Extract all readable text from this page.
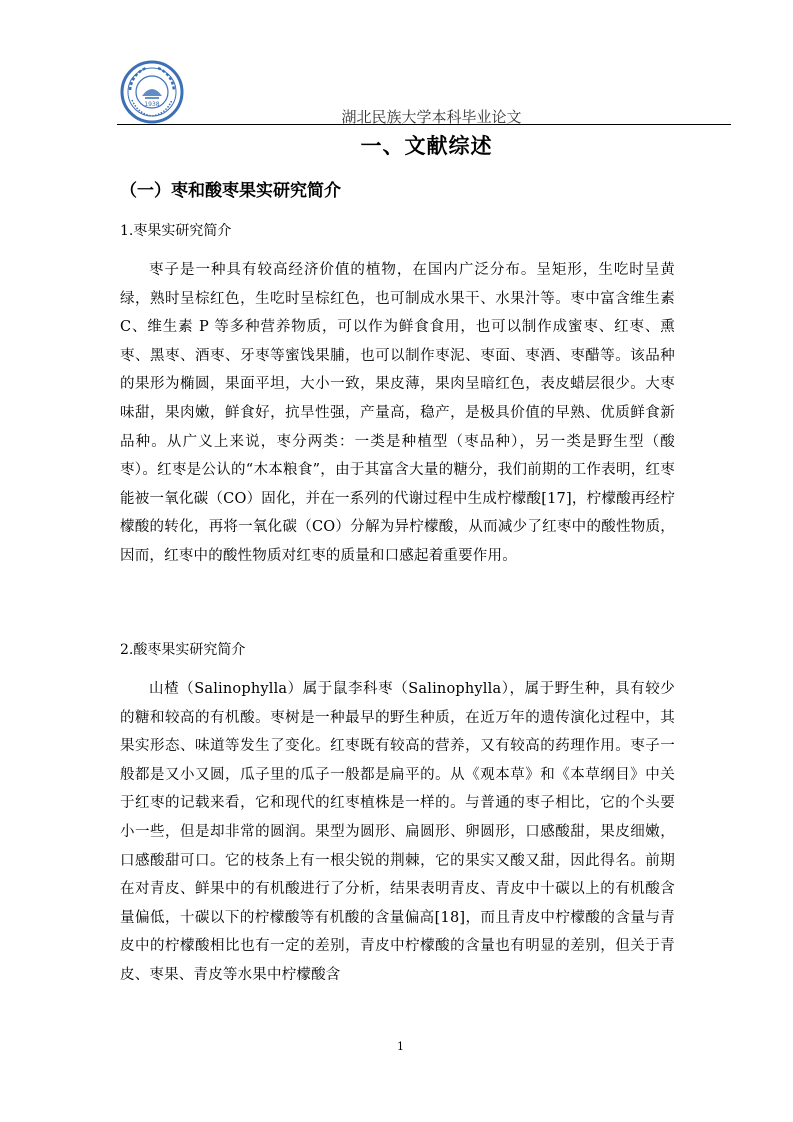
1938
湖北民族大学本科毕业论文
一、文献综述
（一）枣和酸枣果实研究简介
1.枣果实研究简介

枣子是一种具有较高经济价值的植物，在国内广泛分布。呈矩形，生吃时呈黄绿，熟时呈棕红色，生吃时呈棕红色，也可制成水果干、水果汁等。枣中富含维生素 C、维生素 P 等多种营养物质，可以作为鲜食食用，也可以制作成蜜枣、红枣、熏枣、黑枣、酒枣、牙枣等蜜饯果脯，也可以制作枣泥、枣面、枣酒、枣醋等。该品种的果形为椭圆，果面平坦，大小一致，果皮薄，果肉呈暗红色，表皮蜡层很少。大枣味甜，果肉嫩，鲜食好，抗旱性强，产量高，稳产，是极具价值的早熟、优质鲜食新品种。从广义上来说，枣分两类：一类是种植型（枣品种），另一类是野生型（酸枣）。红枣是公认的“木本粮食”，由于其富含大量的糖分，我们前期的工作表明，红枣能被一氧化碳（CO）固化，并在一系列的代谢过程中生成柠檬酸[17]，柠檬酸再经柠檬酸的转化，再将一氧化碳（CO）分解为异柠檬酸，从而减少了红枣中的酸性物质，因而，红枣中的酸性物质对红枣的质量和口感起着重要作用。

2.酸枣果实研究简介

山楂（Salinophylla）属于鼠李科枣（Salinophylla），属于野生种，具有较少的糖和较高的有机酸。枣树是一种最早的野生种质，在近万年的遗传演化过程中，其果实形态、味道等发生了变化。红枣既有较高的营养，又有较高的药理作用。枣子一般都是又小又圆，瓜子里的瓜子一般都是扁平的。从《观本草》和《本草纲目》中关于红枣的记载来看，它和现代的红枣植株是一样的。与普通的枣子相比，它的个头要小一些，但是却非常的圆润。果型为圆形、扁圆形、卵圆形，口感酸甜，果皮细嫩，口感酸甜可口。它的枝条上有一根尖锐的荆棘，它的果实又酸又甜，因此得名。前期在对青皮、鲜果中的有机酸进行了分析，结果表明青皮、青皮中十碳以上的有机酸含量偏低，十碳以下的柠檬酸等有机酸的含量偏高[18]，而且青皮中柠檬酸的含量与青皮中的柠檬酸相比也有一定的差别，青皮中柠檬酸的含量也有明显的差别，但关于青皮、枣果、青皮等水果中柠檬酸含

1
